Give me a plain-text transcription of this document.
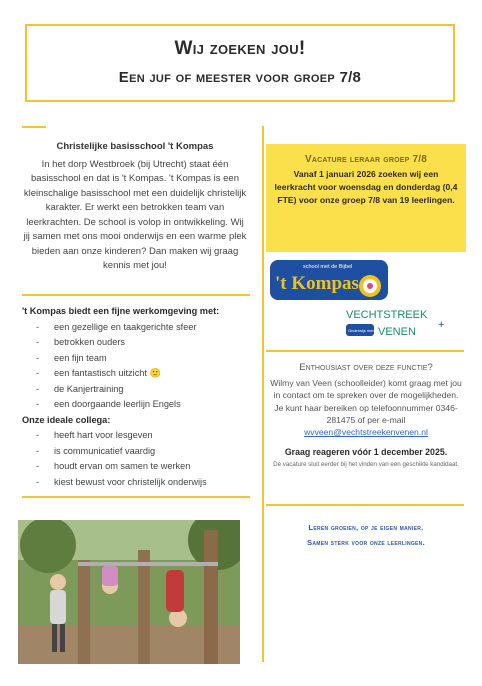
Wij zoeken jou!
Een juf of meester voor groep 7/8
Christelijke basisschool 't Kompas
In het dorp Westbroek (bij Utrecht) staat één basisschool en dat is 't Kompas. 't Kompas is een kleinschalige basisschool met een duidelijk christelijk karakter. Er werkt een betrokken team van leerkrachten. De school is volop in ontwikkeling. Wij jij samen met ons mooi onderwijs en een warme plek bieden aan onze kinderen? Dan maken wij graag kennis met jou!
't Kompas biedt een fijne werkomgeving met:
- een gezellige en taakgerichte sfeer
- betrokken ouders
- een fijn team
- een fantastisch uitzicht 🙂
- de Kanjertraining
- een doorgaande leerlijn Engels
Onze ideale collega:
- heeft hart voor lesgeven
- is communicatief vaardig
- houdt ervan om samen te werken
- kiest bewust voor christelijk onderwijs
Vacature leraar groep 7/8
Vanaf 1 januari 2026 zoeken wij een leerkracht voor woensdag en donderdag (0,4 FTE) voor onze groep 7/8 van 19 leerlingen.
school met de Bijbel
't Kompas
VECHTSTREEK
Onderwijs met een +
VENEN
+
Enthousiast over deze functie?
Wilmy van Veen (schoolleider) komt graag met jou in contact om te spreken over de mogelijkheden.
Je kunt haar bereiken op telefoonnummer 0346-281475 of per e-mail
wvveen@vechtstreekenvenen.nl
Graag reageren vóór 1 december 2025.
De vacature sluit eerder bij het vinden van een geschikte kandidaat.
Leren groeien, op je eigen manier.
Samen sterk voor onze leerlingen.
